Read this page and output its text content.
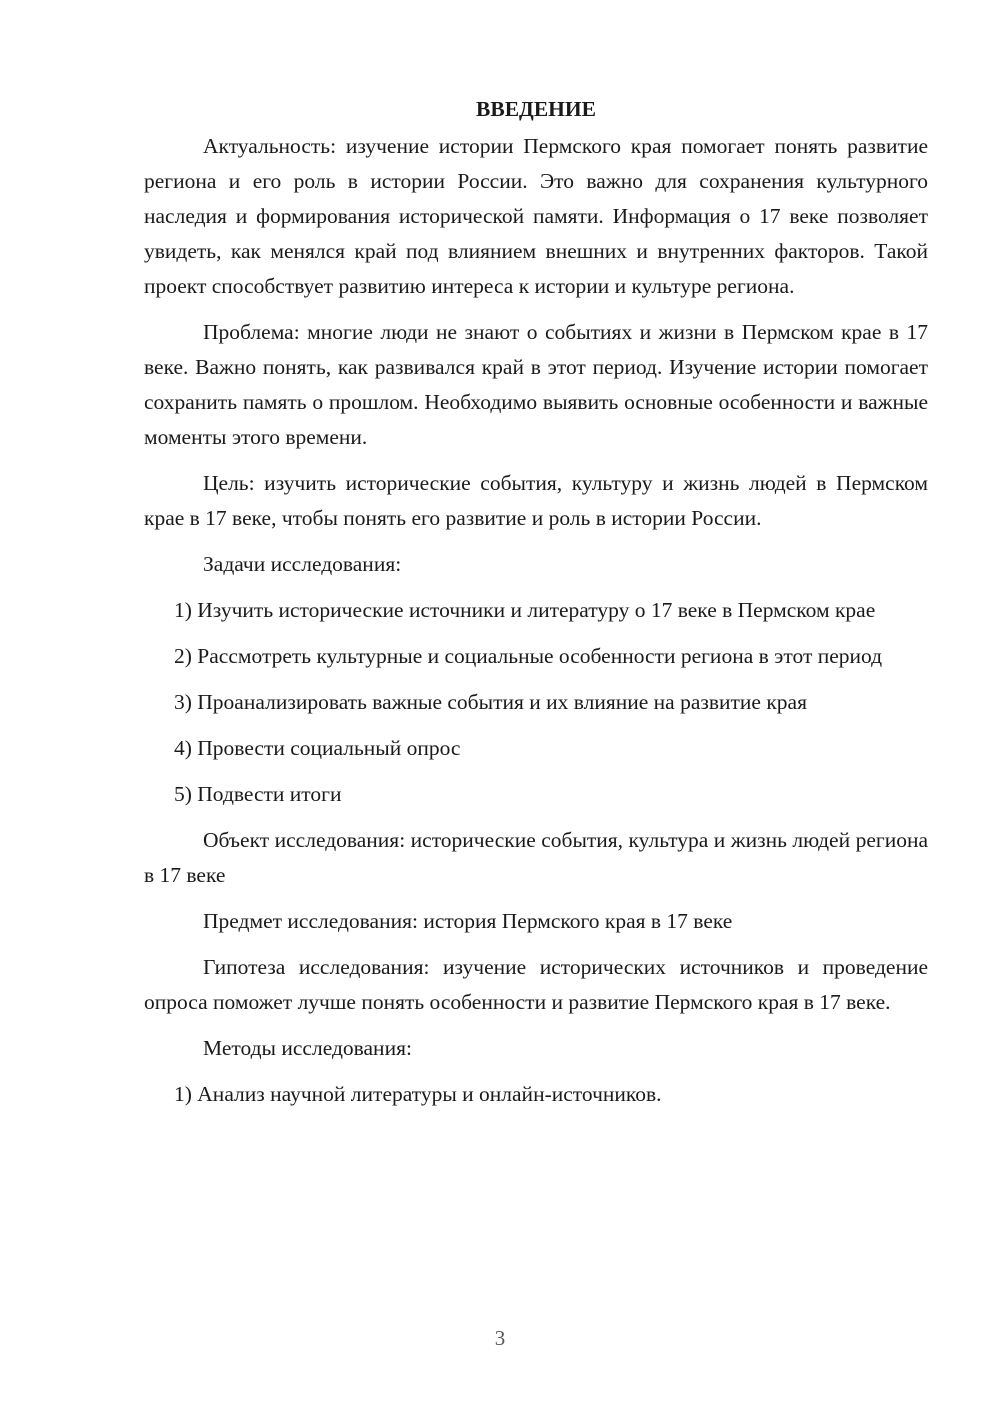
ВВЕДЕНИЕ

Актуальность: изучение истории Пермского края помогает понять развитие региона и его роль в истории России. Это важно для сохранения культурного наследия и формирования исторической памяти. Информация о 17 веке позволяет увидеть, как менялся край под влиянием внешних и внутренних факторов. Такой проект способствует развитию интереса к истории и культуре региона.

Проблема: многие люди не знают о событиях и жизни в Пермском крае в 17 веке. Важно понять, как развивался край в этот период. Изучение истории помогает сохранить память о прошлом. Необходимо выявить основные особенности и важные моменты этого времени.

Цель: изучить исторические события, культуру и жизнь людей в Пермском крае в 17 веке, чтобы понять его развитие и роль в истории России.

Задачи исследования:

1) Изучить исторические источники и литературу о 17 веке в Пермском крае

2) Рассмотреть культурные и социальные особенности региона в этот период

3) Проанализировать важные события и их влияние на развитие края

4) Провести социальный опрос

5) Подвести итоги

Объект исследования: исторические события, культура и жизнь людей региона в 17 веке

Предмет исследования: история Пермского края в 17 веке

Гипотеза исследования: изучение исторических источников и проведение опроса поможет лучше понять особенности и развитие Пермского края в 17 веке.

Методы исследования:

1) Анализ научной литературы и онлайн-источников.

3
